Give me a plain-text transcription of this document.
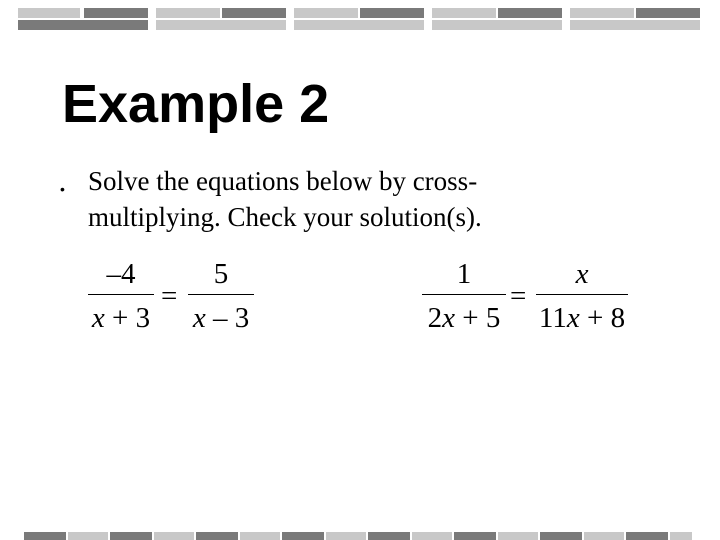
Example 2
• Solve the equations below by cross-multiplying. Check your solution(s).
–4
x + 3
=
5
x – 3
1
2x + 5
=
x
11x + 8
